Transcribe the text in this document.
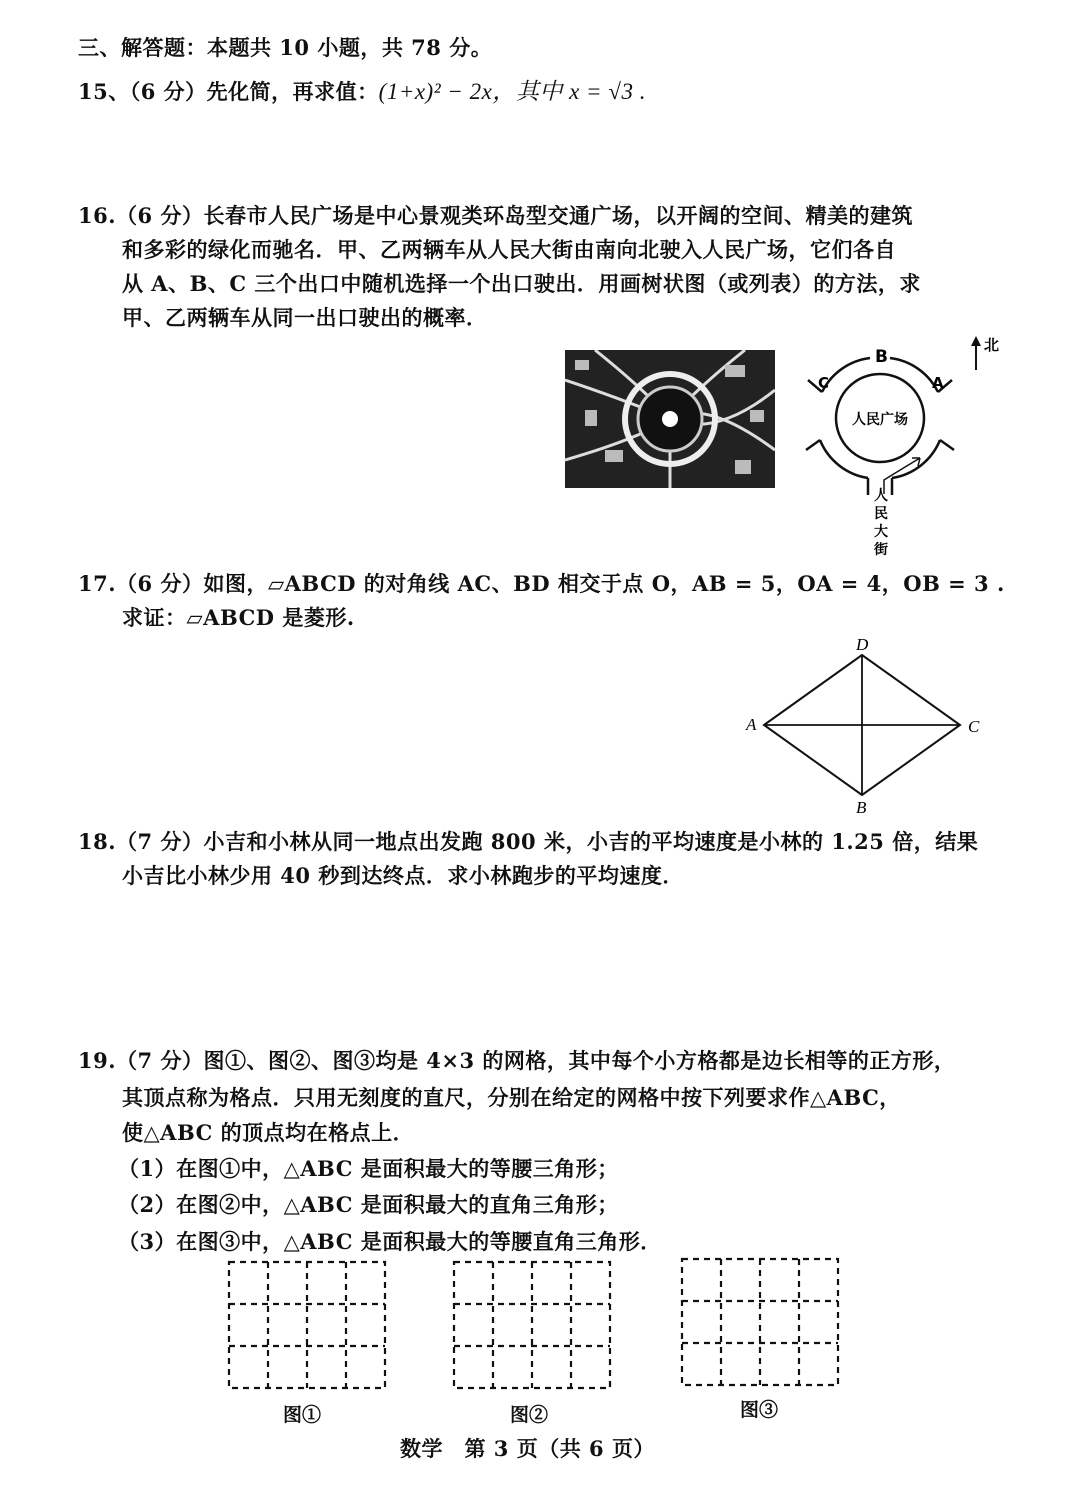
三、解答题：本题共 10 小题，共 78 分。
15、（6 分）先化简，再求值：(1+x)² − 2x，其中 x = √3 .
16.（6 分）长春市人民广场是中心景观类环岛型交通广场，以开阔的空间、精美的建筑
和多彩的绿化而驰名．甲、乙两辆车从人民大街由南向北驶入人民广场，它们各自
从 A、B、C 三个出口中随机选择一个出口驶出．用画树状图（或列表）的方法，求
甲、乙两辆车从同一出口驶出的概率．
人民广场
B
C	A
北
人
民
大
街
17.（6 分）如图，▱ABCD 的对角线 AC、BD 相交于点 O，AB = 5，OA = 4，OB = 3 .
求证：▱ABCD 是菱形.
A
D
C
B
18.（7 分）小吉和小林从同一地点出发跑 800 米，小吉的平均速度是小林的 1.25 倍，结果
小吉比小林少用 40 秒到达终点．求小林跑步的平均速度．
19.（7 分）图①、图②、图③均是 4×3 的网格，其中每个小方格都是边长相等的正方形，
其顶点称为格点．只用无刻度的直尺，分别在给定的网格中按下列要求作△ABC，
使△ABC 的顶点均在格点上．
（1）在图①中，△ABC 是面积最大的等腰三角形；
（2）在图②中，△ABC 是面积最大的直角三角形；
（3）在图③中，△ABC 是面积最大的等腰直角三角形．
图①	图②	图③
数学　第 3 页（共 6 页）
